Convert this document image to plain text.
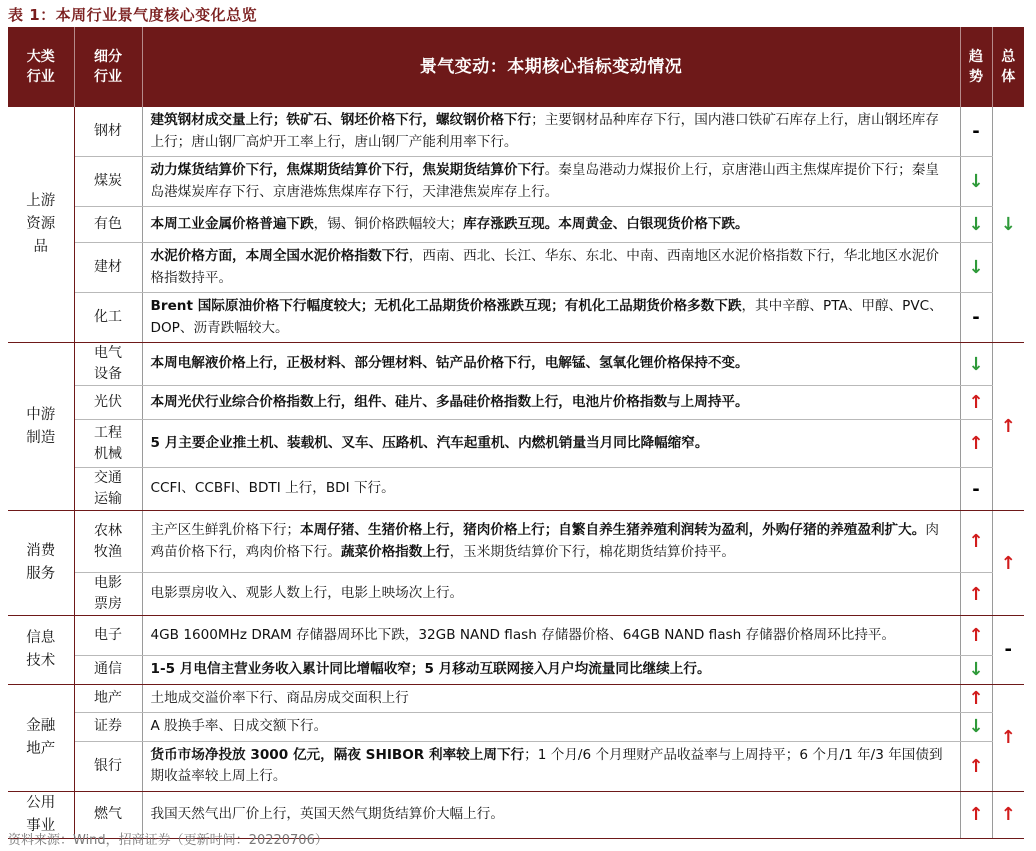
表 1：本周行业景气度核心变化总览
大类行业	细分行业	景气变动：本期核心指标变动情况	趋势	总体
上游资源品	钢材	建筑钢材成交量上行；铁矿石、钢坯价格下行，螺纹钢价格下行；主要钢材品种库存下行，国内港口铁矿石库存上行，唐山钢坯库存上行；唐山钢厂高炉开工率上行，唐山钢厂产能利用率下行。	-	↓
	煤炭	动力煤货结算价下行，焦煤期货结算价下行，焦炭期货结算价下行。秦皇岛港动力煤报价上行，京唐港山西主焦煤库提价下行；秦皇岛港煤炭库存下行、京唐港炼焦煤库存下行，天津港焦炭库存上行。	↓	
	有色	本周工业金属价格普遍下跌，锡、铜价格跌幅较大；库存涨跌互现。本周黄金、白银现货价格下跌。	↓	
	建材	水泥价格方面，本周全国水泥价格指数下行，西南、西北、长江、华东、东北、中南、西南地区水泥价格指数下行，华北地区水泥价格指数持平。	↓	
	化工	Brent 国际原油价格下行幅度较大；无机化工品期货价格涨跌互现；有机化工品期货价格多数下跌，其中辛醇、PTA、甲醇、PVC、DOP、沥青跌幅较大。	-	
中游制造	电气设备	本周电解液价格上行，正极材料、部分锂材料、钴产品价格下行，电解锰、氢氧化锂价格保持不变。	↓	↑
	光伏	本周光伏行业综合价格指数上行，组件、硅片、多晶硅价格指数上行，电池片价格指数与上周持平。	↑	
	工程机械	5 月主要企业推土机、装载机、叉车、压路机、汽车起重机、内燃机销量当月同比降幅缩窄。	↑	
	交通运输	CCFI、CCBFI、BDTI 上行，BDI 下行。	-	
消费服务	农林牧渔	主产区生鲜乳价格下行；本周仔猪、生猪价格上行，猪肉价格上行；自繁自养生猪养殖利润转为盈利，外购仔猪的养殖盈利扩大。肉鸡苗价格下行，鸡肉价格下行。蔬菜价格指数上行，玉米期货结算价下行，棉花期货结算价持平。	↑	↑
	电影票房	电影票房收入、观影人数上行，电影上映场次上行。	↑	
信息技术	电子	4GB 1600MHz DRAM 存储器周环比下跌，32GB NAND flash 存储器价格、64GB NAND flash 存储器价格周环比持平。	↑	-
	通信	1-5 月电信主营业务收入累计同比增幅收窄；5 月移动互联网接入月户均流量同比继续上行。	↓	
金融地产	地产	土地成交溢价率下行、商品房成交面积上行	↑	↑
	证券	A 股换手率、日成交额下行。	↓	
	银行	货币市场净投放 3000 亿元，隔夜 SHIBOR 利率较上周下行；1 个月/6 个月理财产品收益率与上周持平；6 个月/1 年/3 年国债到期收益率较上周上行。	↑	
公用事业	燃气	我国天然气出厂价上行，英国天然气期货结算价大幅上行。	↑	↑
资料来源：Wind，招商证券（更新时间：20220706）
